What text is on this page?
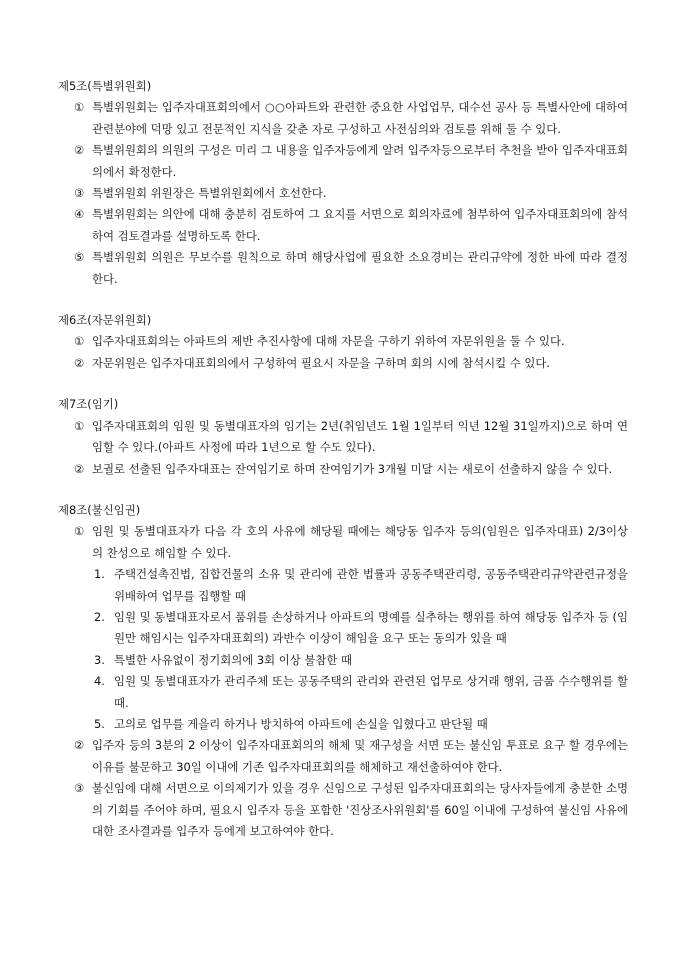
제5조(특별위원회)
① 특별위원회는 입주자대표회의에서 ○○아파트와 관련한 중요한 사업업무, 대수선 공사 등 특별사안에 대하여 관련분야에 덕망 있고 전문적인 지식을 갖춘 자로 구성하고 사전심의와 검토를 위해 둘 수 있다.
② 특별위원회의 의원의 구성은 미리 그 내용을 입주자등에게 알려 입주자등으로부터 추천을 받아 입주자대표회의에서 확정한다.
③ 특별위원회 위원장은 특별위원회에서 호선한다.
④ 특별위원회는 의안에 대해 충분히 검토하여 그 요지를 서면으로 회의자료에 첨부하여 입주자대표회의에 참석하여 검토결과를 설명하도록 한다.
⑤ 특별위원회 의원은 무보수를 원칙으로 하며 해당사업에 필요한 소요경비는 관리규약에 정한 바에 따라 결정한다.
제6조(자문위원회)
① 입주자대표회의는 아파트의 제반 추진사항에 대해 자문을 구하기 위하여 자문위원을 둘 수 있다.
② 자문위원은 입주자대표회의에서 구성하여 필요시 자문을 구하며 회의 시에 참석시킬 수 있다.
제7조(임기)
① 입주자대표회의 임원 및 동별대표자의 임기는 2년(취임년도 1월 1일부터 익년 12월 31일까지)으로 하며 연임할 수 있다.(아파트 사정에 따라 1년으로 할 수도 있다).
② 보궐로 선출된 입주자대표는 잔여임기로 하며 잔여임기가 3개월 미달 시는 새로이 선출하지 않을 수 있다.
제8조(불신임권)
① 임원 및 동별대표자가 다음 각 호의 사유에 해당될 때에는 해당동 입주자 등의(임원은 입주자대표) 2/3이상의 찬성으로 해임할 수 있다.
1. 주택건설촉진법, 집합건물의 소유 및 관리에 관한 법률과 공동주택관리령, 공동주택관리규약관련규정을 위배하여 업무를 집행할 때
2. 임원 및 동별대표자로서 품위를 손상하거나 아파트의 명예를 실추하는 행위를 하여 해당동 입주자 등 (임원만 해임시는 입주자대표회의) 과반수 이상이 해임을 요구 또는 동의가 있을 때
3. 특별한 사유없이 정기회의에 3회 이상 불참한 때
4. 임원 및 동별대표자가 관리주체 또는 공동주택의 관리와 관련된 업무로 상거래 행위, 금품 수수행위를 할 때.
5. 고의로 업무를 게을리 하거나 방치하여 아파트에 손실을 입혔다고 판단될 때
② 입주자 등의 3분의 2 이상이 입주자대표회의의 해체 및 재구성을 서면 또는 불신임 투표로 요구 할 경우에는 이유를 불문하고 30일 이내에 기존 입주자대표회의를 해체하고 재선출하여야 한다.
③ 불신임에 대해 서면으로 이의제기가 있을 경우 신임으로 구성된 입주자대표회의는 당사자들에게 충분한 소명의 기회를 주어야 하며, 필요시 입주자 등을 포함한 '진상조사위원회'를 60일 이내에 구성하여 불신임 사유에 대한 조사결과를 입주자 등에게 보고하여야 한다.
